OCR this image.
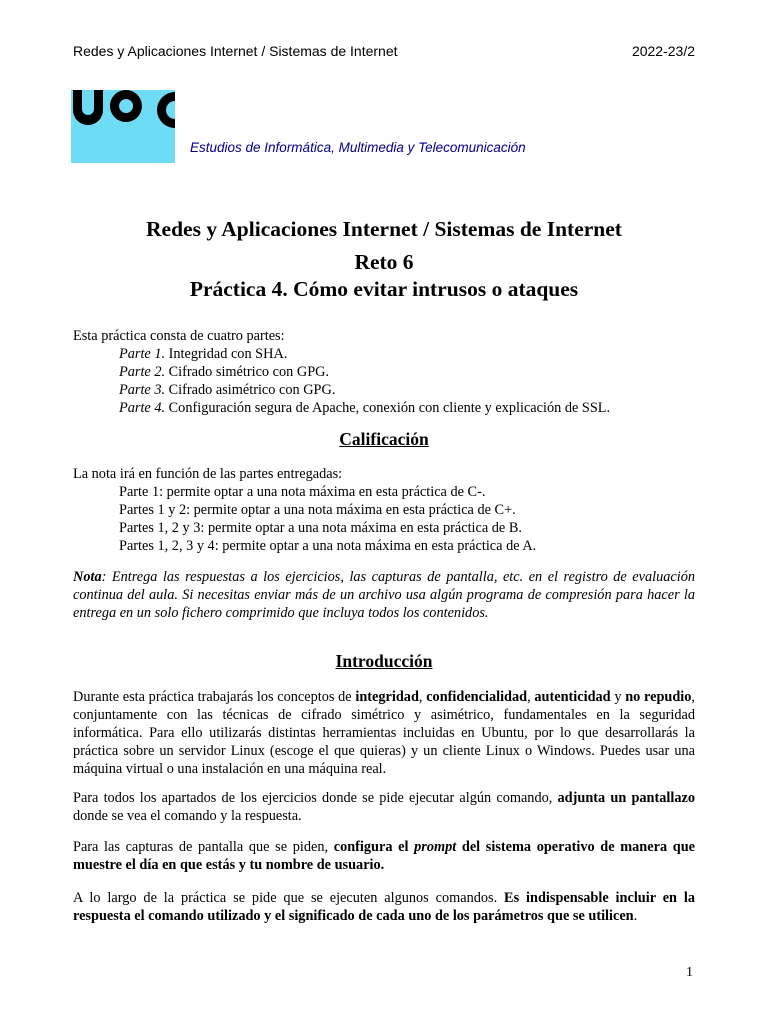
Redes y Aplicaciones Internet / Sistemas de Internet	2022-23/2
Estudios de Informática, Multimedia y Telecomunicación
Redes y Aplicaciones Internet / Sistemas de Internet
Reto 6
Práctica 4. Cómo evitar intrusos o ataques
Esta práctica consta de cuatro partes:
Parte 1. Integridad con SHA.
Parte 2. Cifrado simétrico con GPG.
Parte 3. Cifrado asimétrico con GPG.
Parte 4. Configuración segura de Apache, conexión con cliente y explicación de SSL.
Calificación
La nota irá en función de las partes entregadas:
Parte 1: permite optar a una nota máxima en esta práctica de C-.
Partes 1 y 2: permite optar a una nota máxima en esta práctica de C+.
Partes 1, 2 y 3: permite optar a una nota máxima en esta práctica de B.
Partes 1, 2, 3 y 4: permite optar a una nota máxima en esta práctica de A.
Nota: Entrega las respuestas a los ejercicios, las capturas de pantalla, etc. en el registro de evaluación continua del aula. Si necesitas enviar más de un archivo usa algún programa de compresión para hacer la entrega en un solo fichero comprimido que incluya todos los contenidos.
Introducción
Durante esta práctica trabajarás los conceptos de integridad, confidencialidad, autenticidad y no repudio, conjuntamente con las técnicas de cifrado simétrico y asimétrico, fundamentales en la seguridad informática. Para ello utilizarás distintas herramientas incluidas en Ubuntu, por lo que desarrollarás la práctica sobre un servidor Linux (escoge el que quieras) y un cliente Linux o Windows. Puedes usar una máquina virtual o una instalación en una máquina real.
Para todos los apartados de los ejercicios donde se pide ejecutar algún comando, adjunta un pantallazo donde se vea el comando y la respuesta.
Para las capturas de pantalla que se piden, configura el prompt del sistema operativo de manera que muestre el día en que estás y tu nombre de usuario.
A lo largo de la práctica se pide que se ejecuten algunos comandos. Es indispensable incluir en la respuesta el comando utilizado y el significado de cada uno de los parámetros que se utilicen.
1
